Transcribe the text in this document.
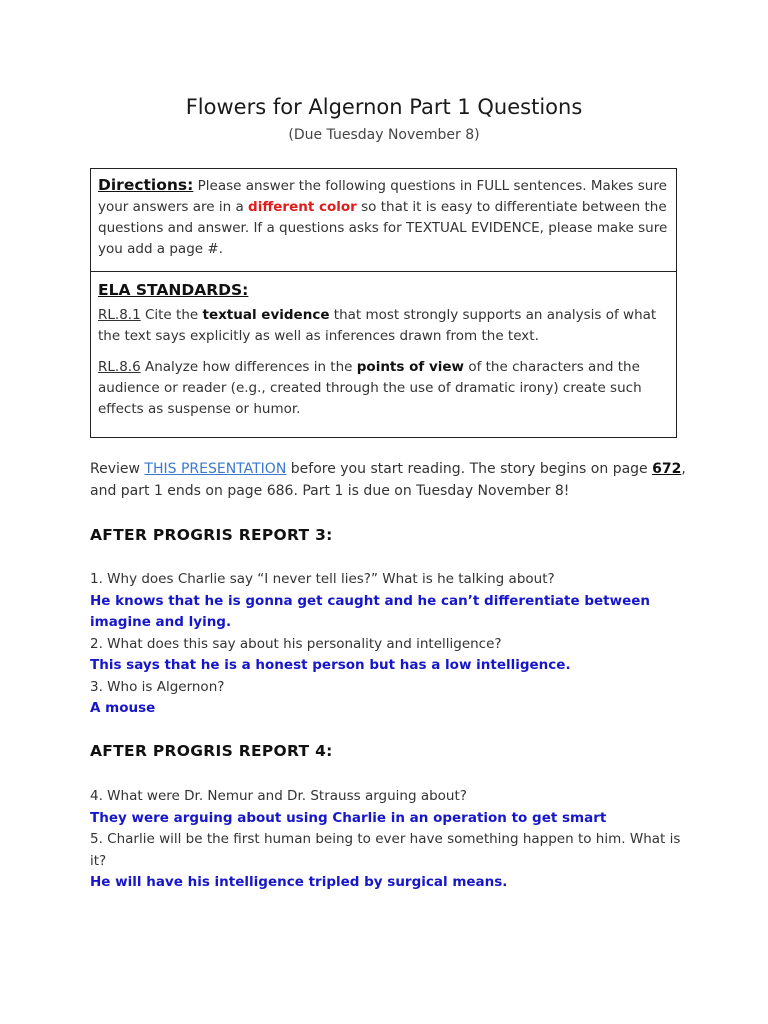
Flowers for Algernon Part 1 Questions
(Due Tuesday November 8)

Directions: Please answer the following questions in FULL sentences. Makes sure your answers are in a different color so that it is easy to differentiate between the questions and answer. If a questions asks for TEXTUAL EVIDENCE, please make sure you add a page #.

ELA STANDARDS:

RL.8.1 Cite the textual evidence that most strongly supports an analysis of what the text says explicitly as well as inferences drawn from the text.

RL.8.6 Analyze how differences in the points of view of the characters and the audience or reader (e.g., created through the use of dramatic irony) create such effects as suspense or humor.

Review THIS PRESENTATION before you start reading. The story begins on page 672, and part 1 ends on page 686. Part 1 is due on Tuesday November 8!
AFTER PROGRIS REPORT 3:

1. Why does Charlie say “I never tell lies?” What is he talking about?

He knows that he is gonna get caught and he can’t differentiate between imagine and lying.

2. What does this say about his personality and intelligence?

This says that he is a honest person but has a low intelligence.

3. Who is Algernon?

A mouse

AFTER PROGRIS REPORT 4:

4. What were Dr. Nemur and Dr. Strauss arguing about?

They were arguing about using Charlie in an operation to get smart

5. Charlie will be the first human being to ever have something happen to him. What is it?

He will have his intelligence tripled by surgical means.
